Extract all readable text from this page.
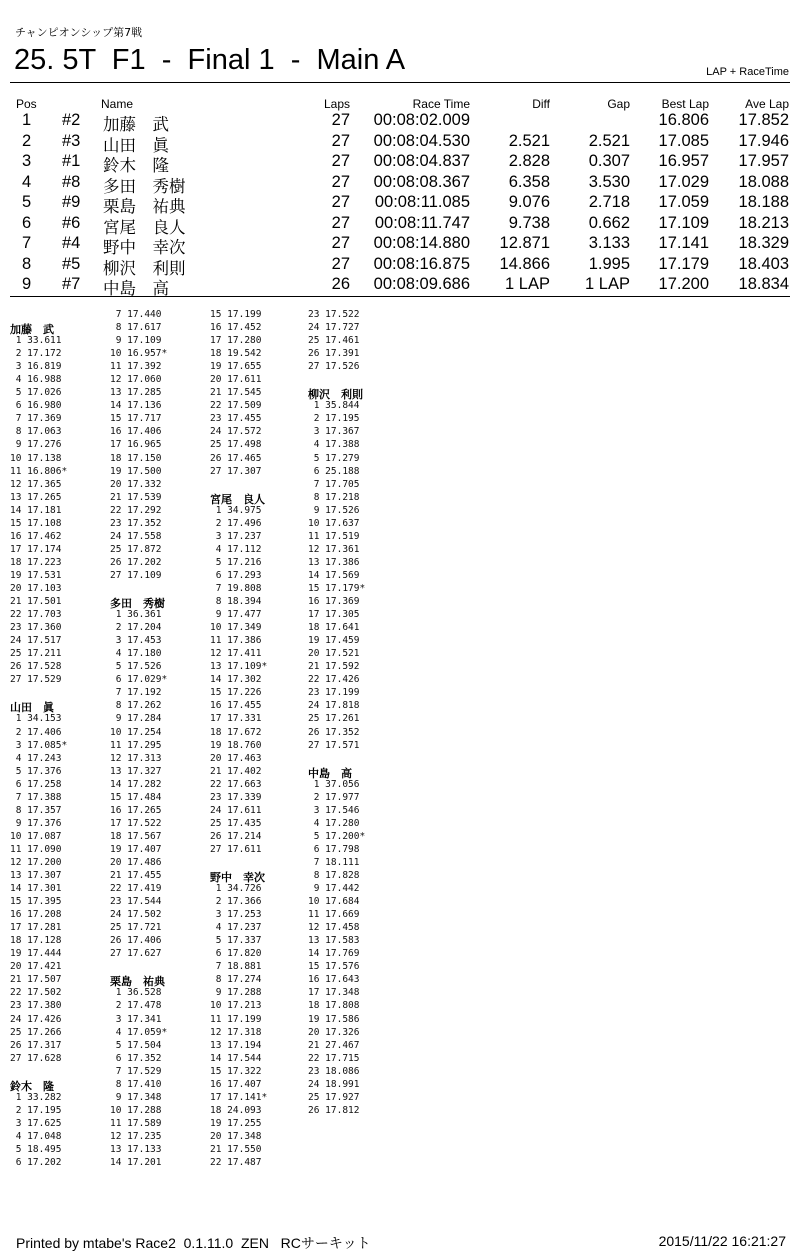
チャンピオンシップ第7戦
25. 5T  F1  -  Final 1  -  Main A	LAP + RaceTime
Pos	Name	Laps	Race Time	Diff	Gap	Best Lap	Ave Lap
1 #2 加藤　武	27 00:08:02.009	16.806 17.852
2 #3 山田　眞	27 00:08:04.530 2.521 2.521 17.085 17.946
3 #1 鈴木　隆	27 00:08:04.837 2.828 0.307 16.957 17.957
4 #8 多田　秀樹	27 00:08:08.367 6.358 3.530 17.029 18.088
5 #9 栗島　祐典	27 00:08:11.085 9.076 2.718 17.059 18.188
6 #6 宮尾　良人	27 00:08:11.747 9.738 0.662 17.109 18.213
7 #4 野中　幸次	27 00:08:14.880 12.871 3.133 17.141 18.329
8 #5 柳沢　利則	27 00:08:16.875 14.866 1.995 17.179 18.403
9 #7 中島　高	26 00:08:09.686 1 LAP 1 LAP 17.200 18.834

加藤　武
1 33.611
2 17.172
3 16.819
4 16.988
5 17.026
6 16.980
7 17.369
8 17.063
9 17.276
10 17.138
11 16.806*
12 17.365
13 17.265
14 17.181
15 17.108
16 17.462
17 17.174
18 17.223
19 17.531
20 17.103
21 17.501
22 17.703
23 17.360
24 17.517
25 17.211
26 17.528
27 17.529

山田　眞
1 34.153
2 17.406
3 17.085*
4 17.243
5 17.376
6 17.258
7 17.388
8 17.357
9 17.376
10 17.087
11 17.090
12 17.200
13 17.307
14 17.301
15 17.395
16 17.208
17 17.281
18 17.128
19 17.444
20 17.421
21 17.507
22 17.502
23 17.380
24 17.426
25 17.266
26 17.317
27 17.628

鈴木　隆
1 33.282
2 17.195
3 17.625
4 17.048
5 18.495
6 17.202
7 17.440
8 17.617
9 17.109
10 16.957*
11 17.392
12 17.060
13 17.285
14 17.136
15 17.717
16 17.406
17 16.965
18 17.150
19 17.500
20 17.332
21 17.539
22 17.292
23 17.352
24 17.558
25 17.872
26 17.202
27 17.109

多田　秀樹
1 36.361
2 17.204
3 17.453
4 17.180
5 17.526
6 17.029*
7 17.192
8 17.262
9 17.284
10 17.254
11 17.295
12 17.313
13 17.327
14 17.282
15 17.484
16 17.265
17 17.522
18 17.567
19 17.407
20 17.486
21 17.455
22 17.419
23 17.544
24 17.502
25 17.721
26 17.406
27 17.627

栗島　祐典
1 36.528
2 17.478
3 17.341
4 17.059*
5 17.504
6 17.352
7 17.529
8 17.410
9 17.348
10 17.288
11 17.589
12 17.235
13 17.133
14 17.201
15 17.199
16 17.452
17 17.280
18 19.542
19 17.655
20 17.611
21 17.545
22 17.509
23 17.455
24 17.572
25 17.498
26 17.465
27 17.307

宮尾　良人
1 34.975
2 17.496
3 17.237
4 17.112
5 17.216
6 17.293
7 19.808
8 18.394
9 17.477
10 17.349
11 17.386
12 17.411
13 17.109*
14 17.302
15 17.226
16 17.455
17 17.331
18 17.672
19 18.760
20 17.463
21 17.402
22 17.663
23 17.339
24 17.611
25 17.435
26 17.214
27 17.611

野中　幸次
1 34.726
2 17.366
3 17.253
4 17.237
5 17.337
6 17.820
7 18.881
8 17.274
9 17.288
10 17.213
11 17.199
12 17.318
13 17.194
14 17.544
15 17.322
16 17.407
17 17.141*
18 24.093
19 17.255
20 17.348
21 17.550
22 17.487
23 17.522
24 17.727
25 17.461
26 17.391
27 17.526

柳沢　利則
1 35.844
2 17.195
3 17.367
4 17.388
5 17.279
6 25.188
7 17.705
8 17.218
9 17.526
10 17.637
11 17.519
12 17.361
13 17.386
14 17.569
15 17.179*
16 17.369
17 17.305
18 17.641
19 17.459
20 17.521
21 17.592
22 17.426
23 17.199
24 17.818
25 17.261
26 17.352
27 17.571

中島　高
1 37.056
2 17.977
3 17.546
4 17.280
5 17.200*
6 17.798
7 18.111
8 17.828
9 17.442
10 17.684
11 17.669
12 17.458
13 17.583
14 17.769
15 17.576
16 17.643
17 17.348
18 17.808
19 17.586
20 17.326
21 27.467
22 17.715
23 18.086
24 18.991
25 17.927
26 17.812
Printed by mtabe's Race2  0.1.11.0  ZEN   RCサーキット	2015/11/22 16:21:27
